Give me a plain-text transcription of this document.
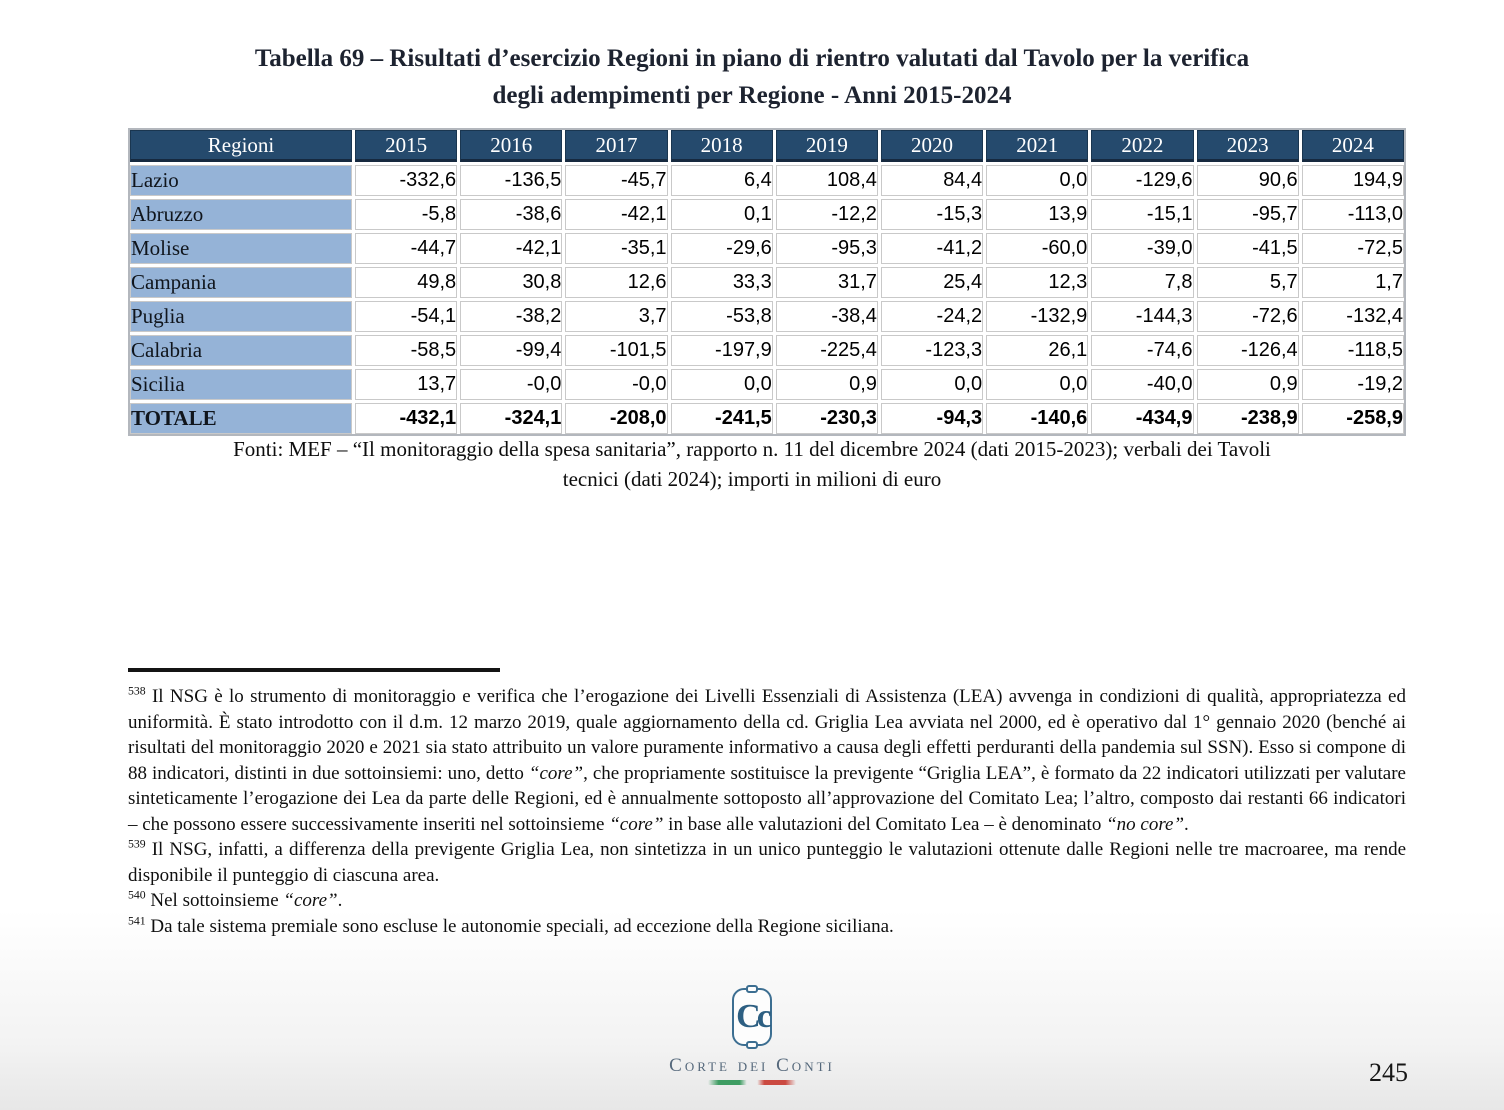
Tabella 69 – Risultati d’esercizio Regioni in piano di rientro valutati dal Tavolo per la verifica
degli adempimenti per Regione - Anni 2015-2024
Regioni	2015	2016	2017	2018	2019	2020	2021	2022	2023	2024
Lazio	-332,6	-136,5	-45,7	6,4	108,4	84,4	0,0	-129,6	90,6	194,9
Abruzzo	-5,8	-38,6	-42,1	0,1	-12,2	-15,3	13,9	-15,1	-95,7	-113,0
Molise	-44,7	-42,1	-35,1	-29,6	-95,3	-41,2	-60,0	-39,0	-41,5	-72,5
Campania	49,8	30,8	12,6	33,3	31,7	25,4	12,3	7,8	5,7	1,7
Puglia	-54,1	-38,2	3,7	-53,8	-38,4	-24,2	-132,9	-144,3	-72,6	-132,4
Calabria	-58,5	-99,4	-101,5	-197,9	-225,4	-123,3	26,1	-74,6	-126,4	-118,5
Sicilia	13,7	-0,0	-0,0	0,0	0,9	0,0	0,0	-40,0	0,9	-19,2
TOTALE	-432,1	-324,1	-208,0	-241,5	-230,3	-94,3	-140,6	-434,9	-238,9	-258,9
Fonti: MEF – “Il monitoraggio della spesa sanitaria”, rapporto n. 11 del dicembre 2024 (dati 2015-2023); verbali dei Tavoli
tecnici (dati 2024); importi in milioni di euro

$^{538}$ Il NSG è lo strumento di monitoraggio e verifica che l’erogazione dei Livelli Essenziali di Assistenza (LEA) avvenga in condizioni di qualità, appropriatezza ed uniformità. È stato introdotto con il d.m. 12 marzo 2019, quale aggiornamento della cd. Griglia Lea avviata nel 2000, ed è operativo dal 1° gennaio 2020 (benché ai risultati del monitoraggio 2020 e 2021 sia stato attribuito un valore puramente informativo a causa degli effetti perduranti della pandemia sul SSN). Esso si compone di 88 indicatori, distinti in due sottoinsiemi: uno, detto “core”, che propriamente sostituisce la previgente “Griglia LEA”, è formato da 22 indicatori utilizzati per valutare sinteticamente l’erogazione dei Lea da parte delle Regioni, ed è annualmente sottoposto all’approvazione del Comitato Lea; l’altro, composto dai restanti 66 indicatori – che possono essere successivamente inseriti nel sottoinsieme “core” in base alle valutazioni del Comitato Lea – è denominato “no core”.

$^{539}$ Il NSG, infatti, a differenza della previgente Griglia Lea, non sintetizza in un unico punteggio le valutazioni ottenute dalle Regioni nelle tre macroaree, ma rende disponibile il punteggio di ciascuna area.

$^{540}$ Nel sottoinsieme “core”.

$^{541}$ Da tale sistema premiale sono escluse le autonomie speciali, ad eccezione della Regione siciliana.

Cc
Corte dei Conti	245
